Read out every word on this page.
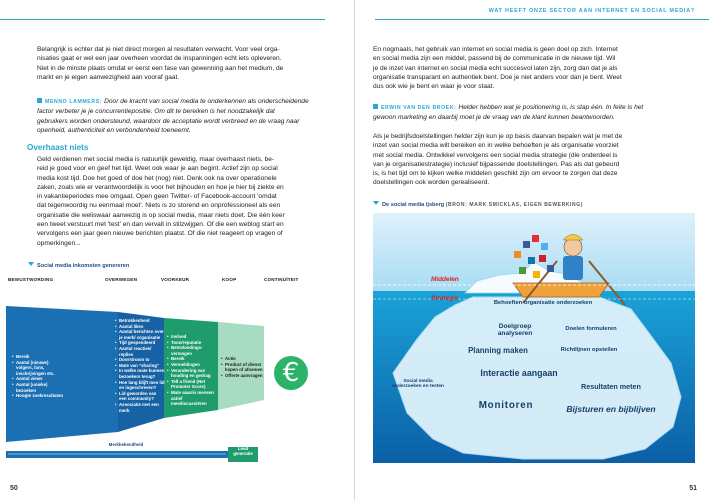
Belangrijk is echter dat je niet direct morgen al resultaten verwacht. Voor veel orga-
nisaties gaat er wel een jaar overheen voordat de inspanningen echt iets opleveren.
Niet in de minste plaats omdat er eerst een fase van gewenning aan het medium, de
markt en je eigen aanwezigheid aan vooraf gaat.
MENNO LAMMERS: Door de kracht van social media te onderkennen als onderscheidende
factor verbeter je je concurrentiepositie. Om dit te bereiken is het noodzakelijk dat
gebruikers worden ondersteund, waardoor de acceptatie wordt verbreed en de vraag naar
openheid, authenticiteit en verbondenheid toeneemt.
Overhaast niets
Geld verdienen met social media is natuurlijk geweldig, maar overhaast niets, be-
reid je goed voor en geef het tijd. Weet ook waar je aan begint. Actief zijn op social
media kost tijd. Doe het goed of doe het (nog) niet. Denk ook na over operationele
zaken, zoals wie er verantwoordelijk is voor het bijhouden en hoe je hier bij ziekte en
in vakantieperiodes mee omgaat. Open geen Twitter- of Facebook-account 'omdat
dat tegenwoordig nu eenmaal moet'. Niets is zo storend en onprofessioneel als een
organisatie die weliswaar aanwezig is op social media, maar niets doet. Die één keer
een tweet verstuurt met 'test' en dan vervalt in stilzwijgen. Of die een weblog start en
vervolgens een jaar geen nieuwe berichten plaatst. Of die niet reageert op vragen of
opmerkingen...
Social media inkomsten genereren
BEWUSTWORDING	OVERWEGEN	VOORKEUR	KOOP	CONTINUÏTEIT
• Bereik
• Aantal (nieuwe) volgers, fans, inschrijvingen etc.
• Aantal views
• Aantal (unieke) bezoeken
• Hoogte zoekresultaten
• Betrokkenheid
• Aantal likes
• Aantal berichten over je merk/ organisatie
• Tijd gespendeerd
• Aantal reacties/ replies
• Doorstroom to
• Mate van "sharing"
• In welke mate kunnen bezoekers terug?
• Hoe lang blijft men lid en ingeschreven?
• Lid geworden van een community?
• Associatie met een merk
• Invloed
• Toon/reputatie
• Beïnvloedings-vermogen
• Bereik
• Vermeldingen
• Verandering van houding en gedrag
• Tell a friend (Net Promoter Score)
• Mate waarin mensen actief meediscussiëren
• Actie
• Product of dienst kopen of afnemen
• Offerte aanvragen
Merkbekendheid
Lead generatie
€
50
WAT HEEFT ONZE SECTOR AAN INTERNET EN SOCIAL MEDIA?
En nogmaals, het gebruik van internet en social media is geen doel op zich. Internet
en social media zijn een middel, passend bij de communicatie in de nieuwe tijd. Wil
je de inzet van internet en social media echt succesvol laten zijn, zorg dan dat je als
organisatie transparant en authentiek bent. Doe je niet anders voor dan je bent. Weet
dus ook wie je bent en waar je voor staat.
ERWIN VAN DEN BROEK: Helder hebben wat je positionering is, is stap één. In feite is het
gewoon marketing en daarbij moet je de vraag van de klant kunnen beantwoorden.
Als je bedrijfsdoelstellingen helder zijn kun je op basis daarvan bepalen wat je met de
inzet van social media wilt bereiken en in welke behoeften je als organisatie voorziet
met social media. Ontwikkel vervolgens een social media strategie (die onderdeel is
van je organisatiestrategie) inclusief bijpassende doelstellingen. Pas als dat gebeurd
is, is het tijd om te kijken welke middelen geschikt zijn om ervoor te zorgen dat deze
doelstellingen ook worden gerealiseerd.
De social media ijsberg (BRON: MARK SMICKLAS, EIGEN BEWERKING)
Middelen
Strategie
Behoeften organisatie onderzoeken
Doelgroep analyseren
Doelen formuleren
Planning maken	Richtlijnen opstellen
Interactie aangaan
Resultaten meten
Social media onderzoeken en testen
Monitoren	Bijsturen en bijblijven
51
